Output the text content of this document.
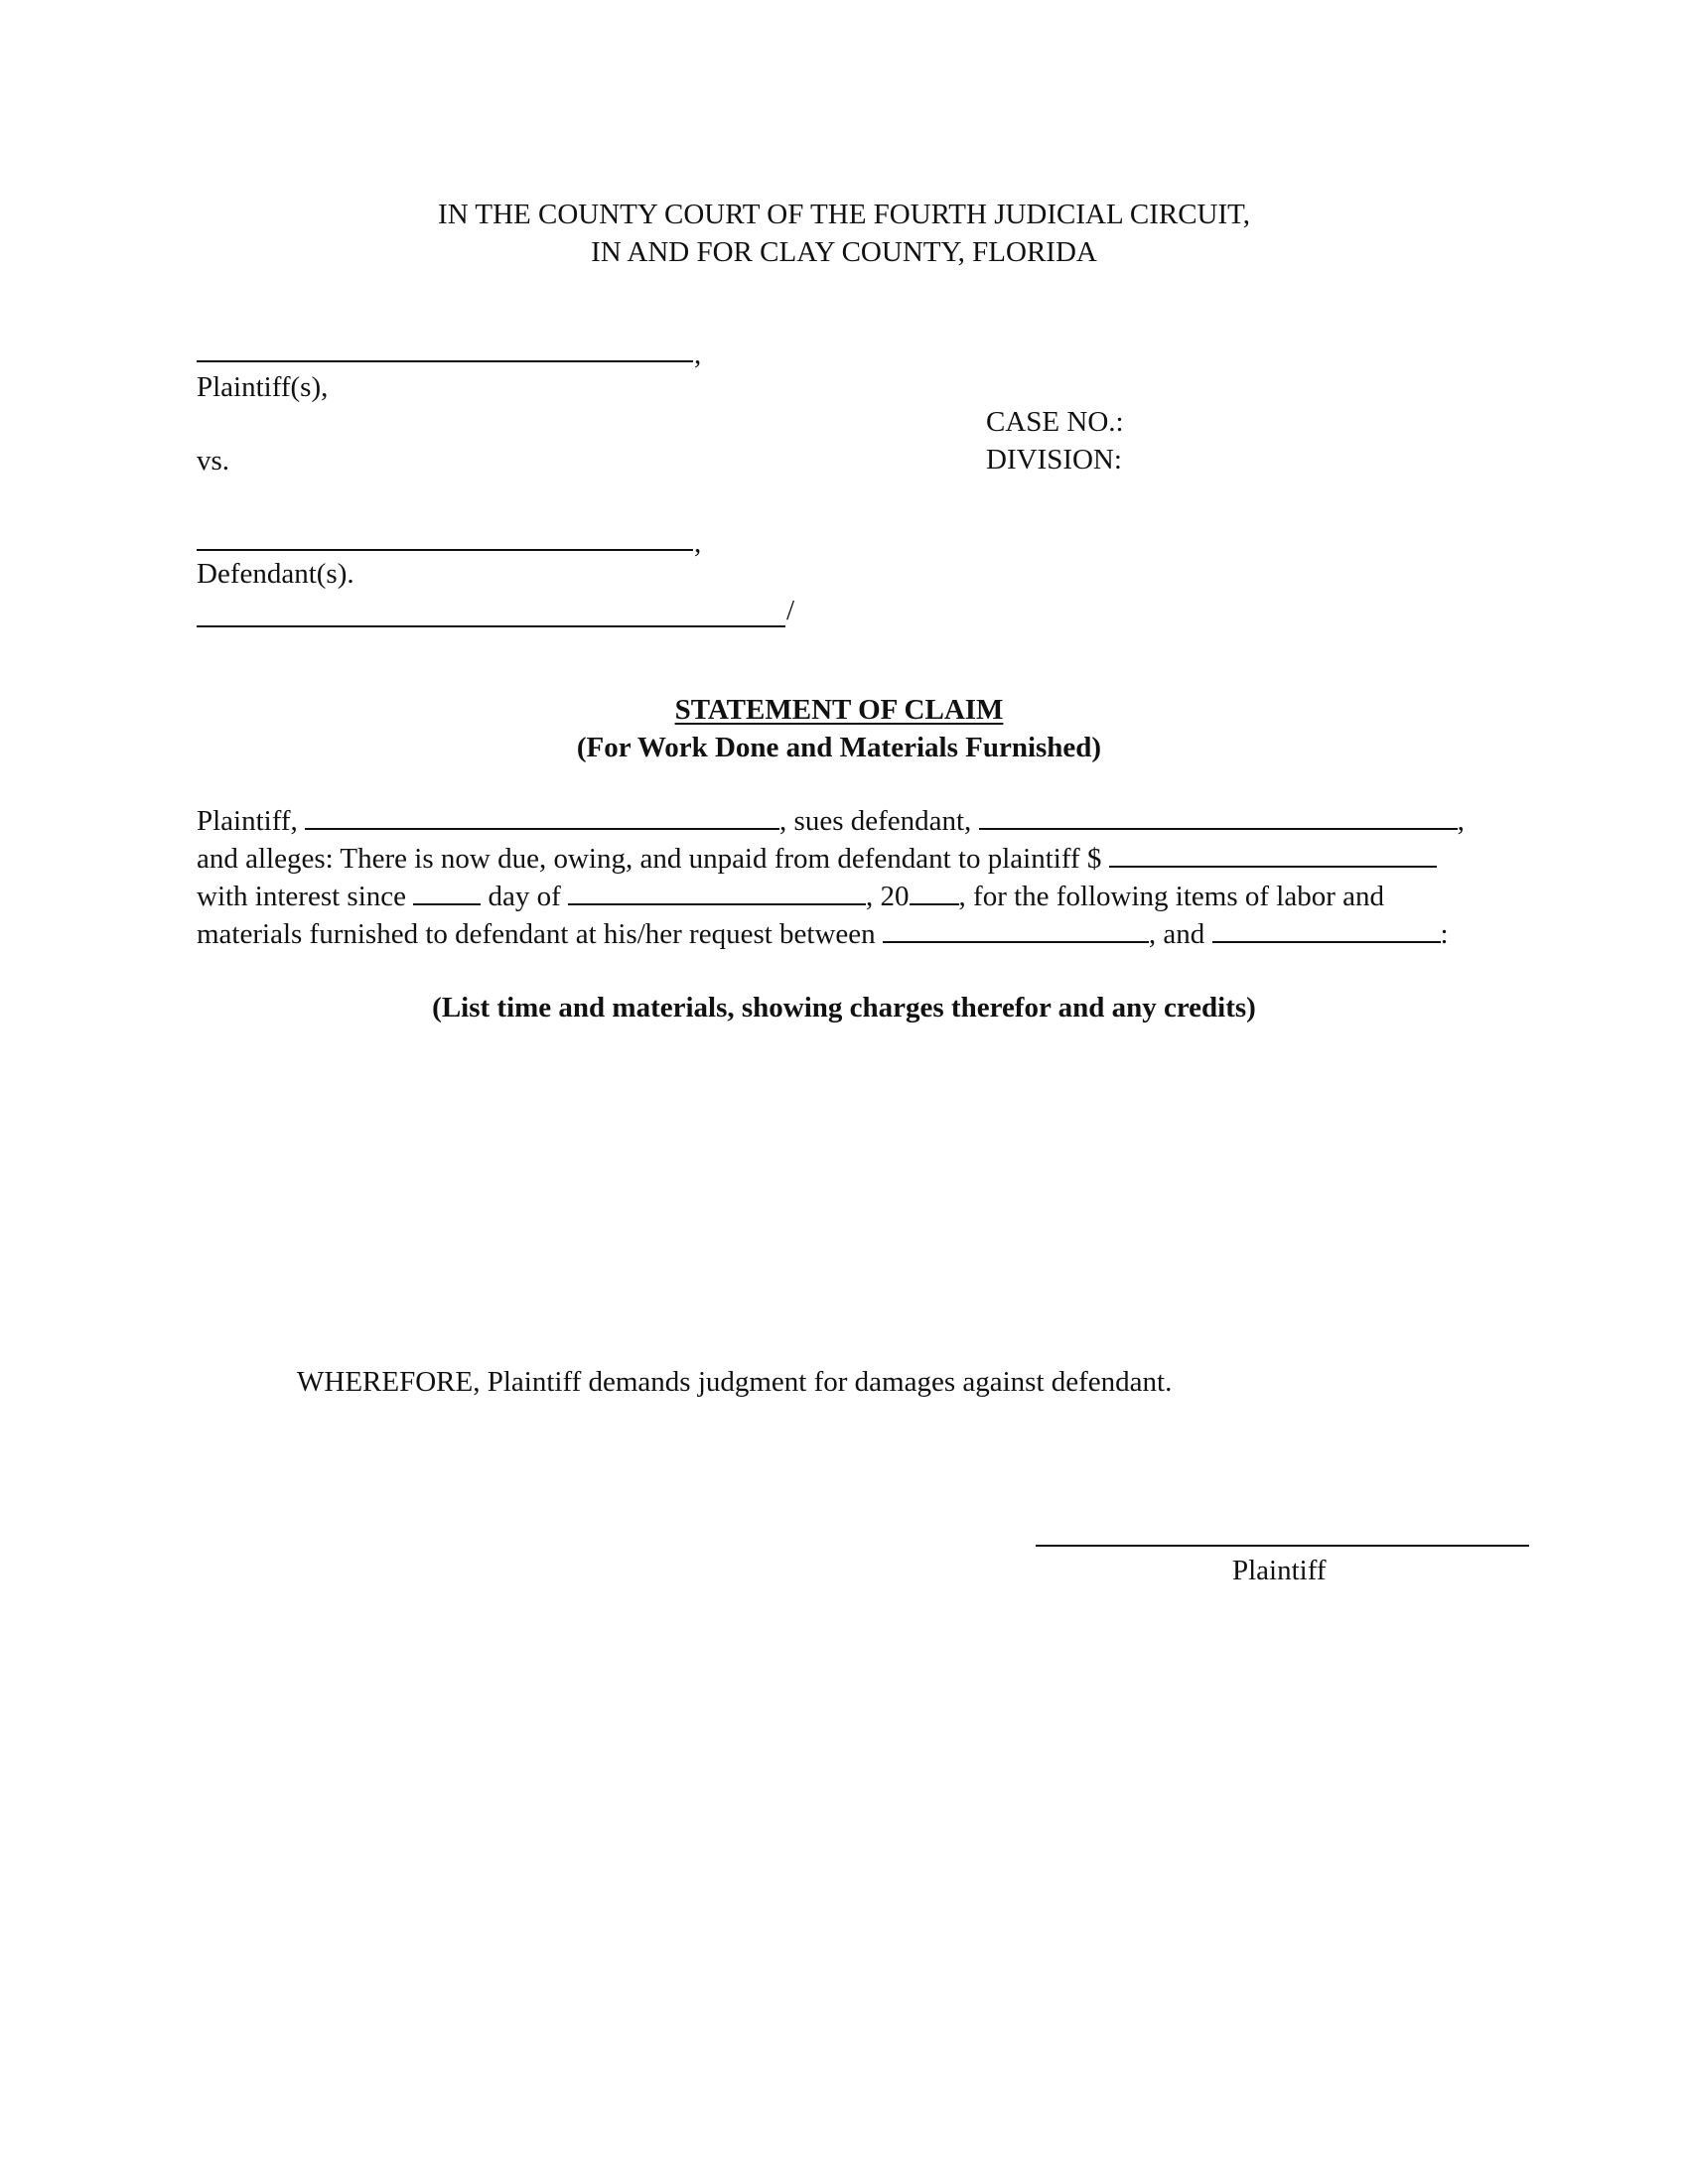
IN THE COUNTY COURT OF THE FOURTH JUDICIAL CIRCUIT,
IN AND FOR CLAY COUNTY, FLORIDA
,
Plaintiff(s),
vs.
CASE NO.:
DIVISION:
,
Defendant(s).
/
STATEMENT OF CLAIM
(For Work Done and Materials Furnished)
Plaintiff,	, sues defendant,	,
and alleges: There is now due, owing, and unpaid from defendant to plaintiff $
with interest since	day of	, 20 , for the following items of labor and
materials furnished to defendant at his/her request between	, and	:
(List time and materials, showing charges therefor and any credits)
WHEREFORE, Plaintiff demands judgment for damages against defendant.
Plaintiff
